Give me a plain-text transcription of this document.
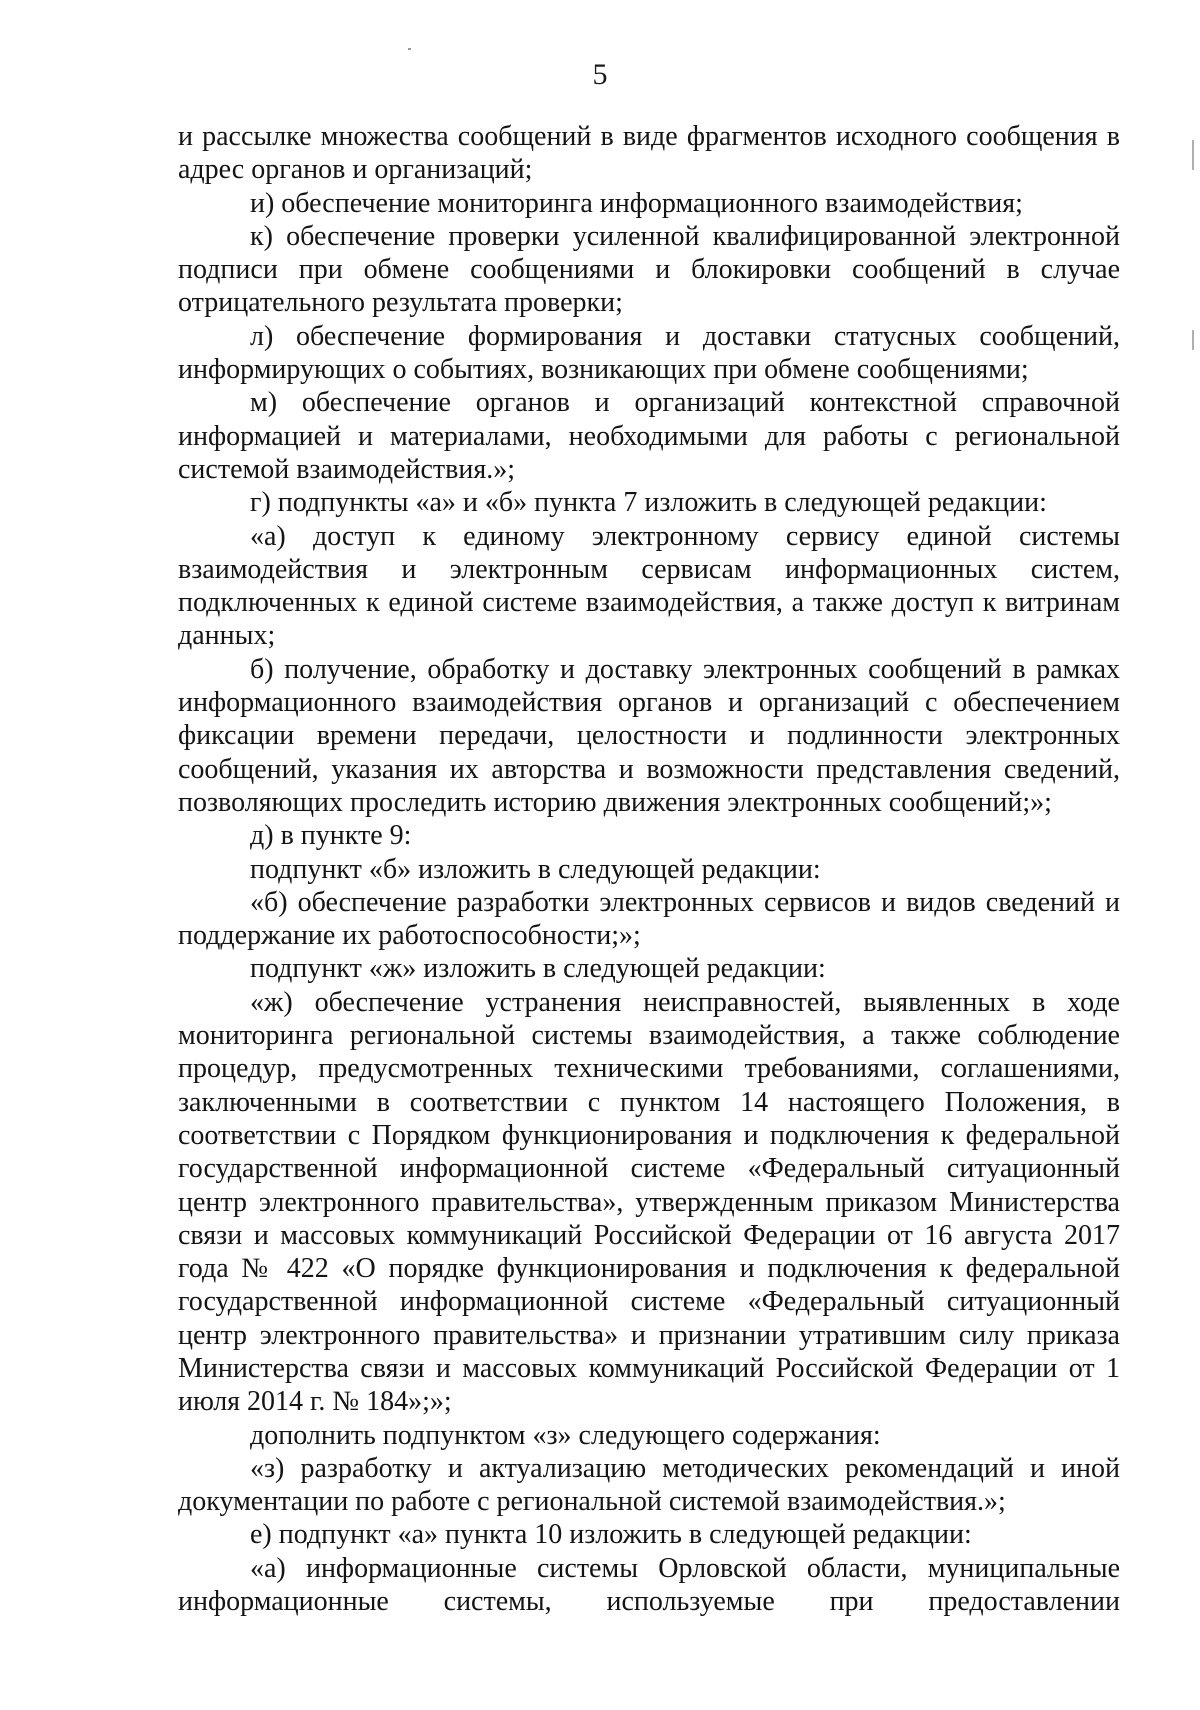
5

и рассылке множества сообщений в виде фрагментов исходного сообщения в адрес органов и организаций;

и) обеспечение мониторинга информационного взаимодействия;

к) обеспечение проверки усиленной квалифицированной электронной подписи при обмене сообщениями и блокировки сообщений в случае отрицательного результата проверки;

л) обеспечение формирования и доставки статусных сообщений, информирующих о событиях, возникающих при обмене сообщениями;

м) обеспечение органов и организаций контекстной справочной информацией и материалами, необходимыми для работы с региональной системой взаимодействия.»;

г) подпункты «а» и «б» пункта 7 изложить в следующей редакции:

«а) доступ к единому электронному сервису единой системы взаимодействия и электронным сервисам информационных систем, подключенных к единой системе взаимодействия, а также доступ к витринам данных;

б) получение, обработку и доставку электронных сообщений в рамках информационного взаимодействия органов и организаций с обеспечением фиксации времени передачи, целостности и подлинности электронных сообщений, указания их авторства и возможности представления сведений, позволяющих проследить историю движения электронных сообщений;»;

д) в пункте 9:

подпункт «б» изложить в следующей редакции:

«б) обеспечение разработки электронных сервисов и видов сведений и поддержание их работоспособности;»;

подпункт «ж» изложить в следующей редакции:

«ж) обеспечение устранения неисправностей, выявленных в ходе мониторинга региональной системы взаимодействия, а также соблюдение процедур, предусмотренных техническими требованиями, соглашениями, заключенными в соответствии с пунктом 14 настоящего Положения, в соответствии с Порядком функционирования и подключения к федеральной государственной информационной системе «Федеральный ситуационный центр электронного правительства», утвержденным приказом Министерства связи и массовых коммуникаций Российской Федерации от 16 августа 2017 года № 422 «О порядке функционирования и подключения к федеральной государственной информационной системе «Федеральный ситуационный центр электронного правительства» и признании утратившим силу приказа Министерства связи и массовых коммуникаций Российской Федерации от 1 июля 2014 г. № 184»;»;

дополнить подпунктом «з» следующего содержания:

«з) разработку и актуализацию методических рекомендаций и иной документации по работе с региональной системой взаимодействия.»;

е) подпункт «а» пункта 10 изложить в следующей редакции:

«а) информационные системы Орловской области, муниципальные информационные системы, используемые при предоставлении
